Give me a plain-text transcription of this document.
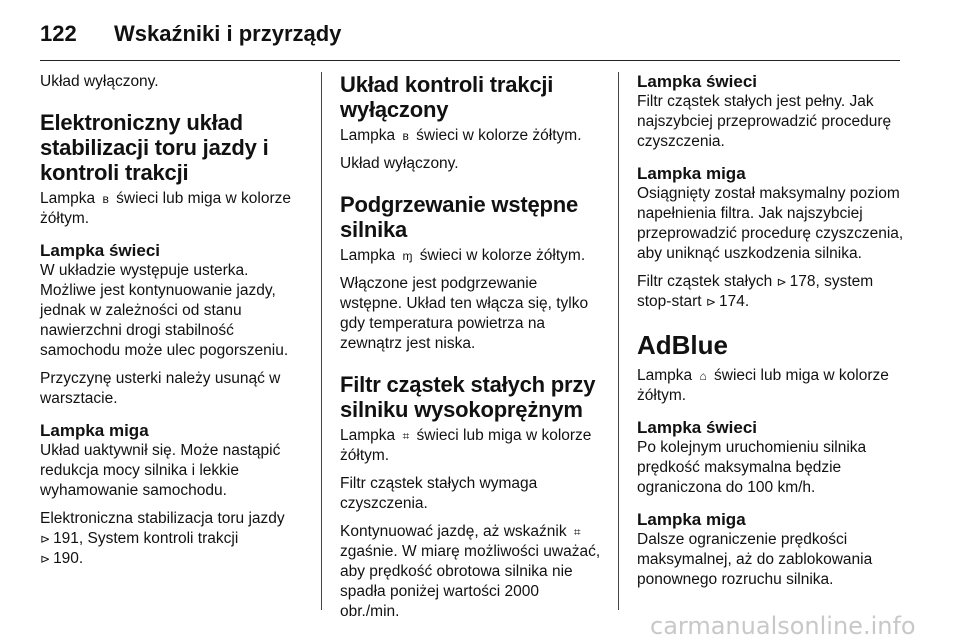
122	Wskaźniki i przyrządy

Układ wyłączony.

Elektroniczny układ stabilizacji toru jazdy i kontroli trakcji

Lampka ʙ świeci lub miga w kolorze żółtym.

Lampka świeci

W układzie występuje usterka. Możliwe jest kontynuowanie jazdy, jednak w zależności od stanu nawierzchni drogi stabilność samochodu może ulec pogorszeniu.

Przyczynę usterki należy usunąć w warsztacie.

Lampka miga

Układ uaktywnił się. Może nastąpić redukcja mocy silnika i lekkie wyhamowanie samochodu.

Elektroniczna stabilizacja toru jazdy
⊳ 191, System kontroli trakcji
⊳ 190.

Układ kontroli trakcji wyłączony

Lampka ʙ świeci w kolorze żółtym.

Układ wyłączony.

Podgrzewanie wstępne silnika

Lampka ɱ świeci w kolorze żółtym.

Włączone jest podgrzewanie wstępne. Układ ten włącza się, tylko gdy temperatura powietrza na zewnątrz jest niska.

Filtr cząstek stałych przy silniku wysokoprężnym

Lampka ⌗ świeci lub miga w kolorze żółtym.

Filtr cząstek stałych wymaga czyszczenia.

Kontynuować jazdę, aż wskaźnik ⌗ zgaśnie. W miarę możliwości uważać, aby prędkość obrotowa silnika nie spadła poniżej wartości 2000 obr./min.

Lampka świeci

Filtr cząstek stałych jest pełny. Jak najszybciej przeprowadzić procedurę czyszczenia.

Lampka miga

Osiągnięty został maksymalny poziom napełnienia filtra. Jak najszybciej przeprowadzić procedurę czyszczenia, aby uniknąć uszkodzenia silnika.

Filtr cząstek stałych ⊳ 178, system stop-start ⊳ 174.

AdBlue

Lampka ⌂ świeci lub miga w kolorze żółtym.

Lampka świeci

Po kolejnym uruchomieniu silnika prędkość maksymalna będzie ograniczona do 100 km/h.

Lampka miga

Dalsze ograniczenie prędkości maksymalnej, aż do zablokowania ponownego rozruchu silnika.

carmanualsonline.info
